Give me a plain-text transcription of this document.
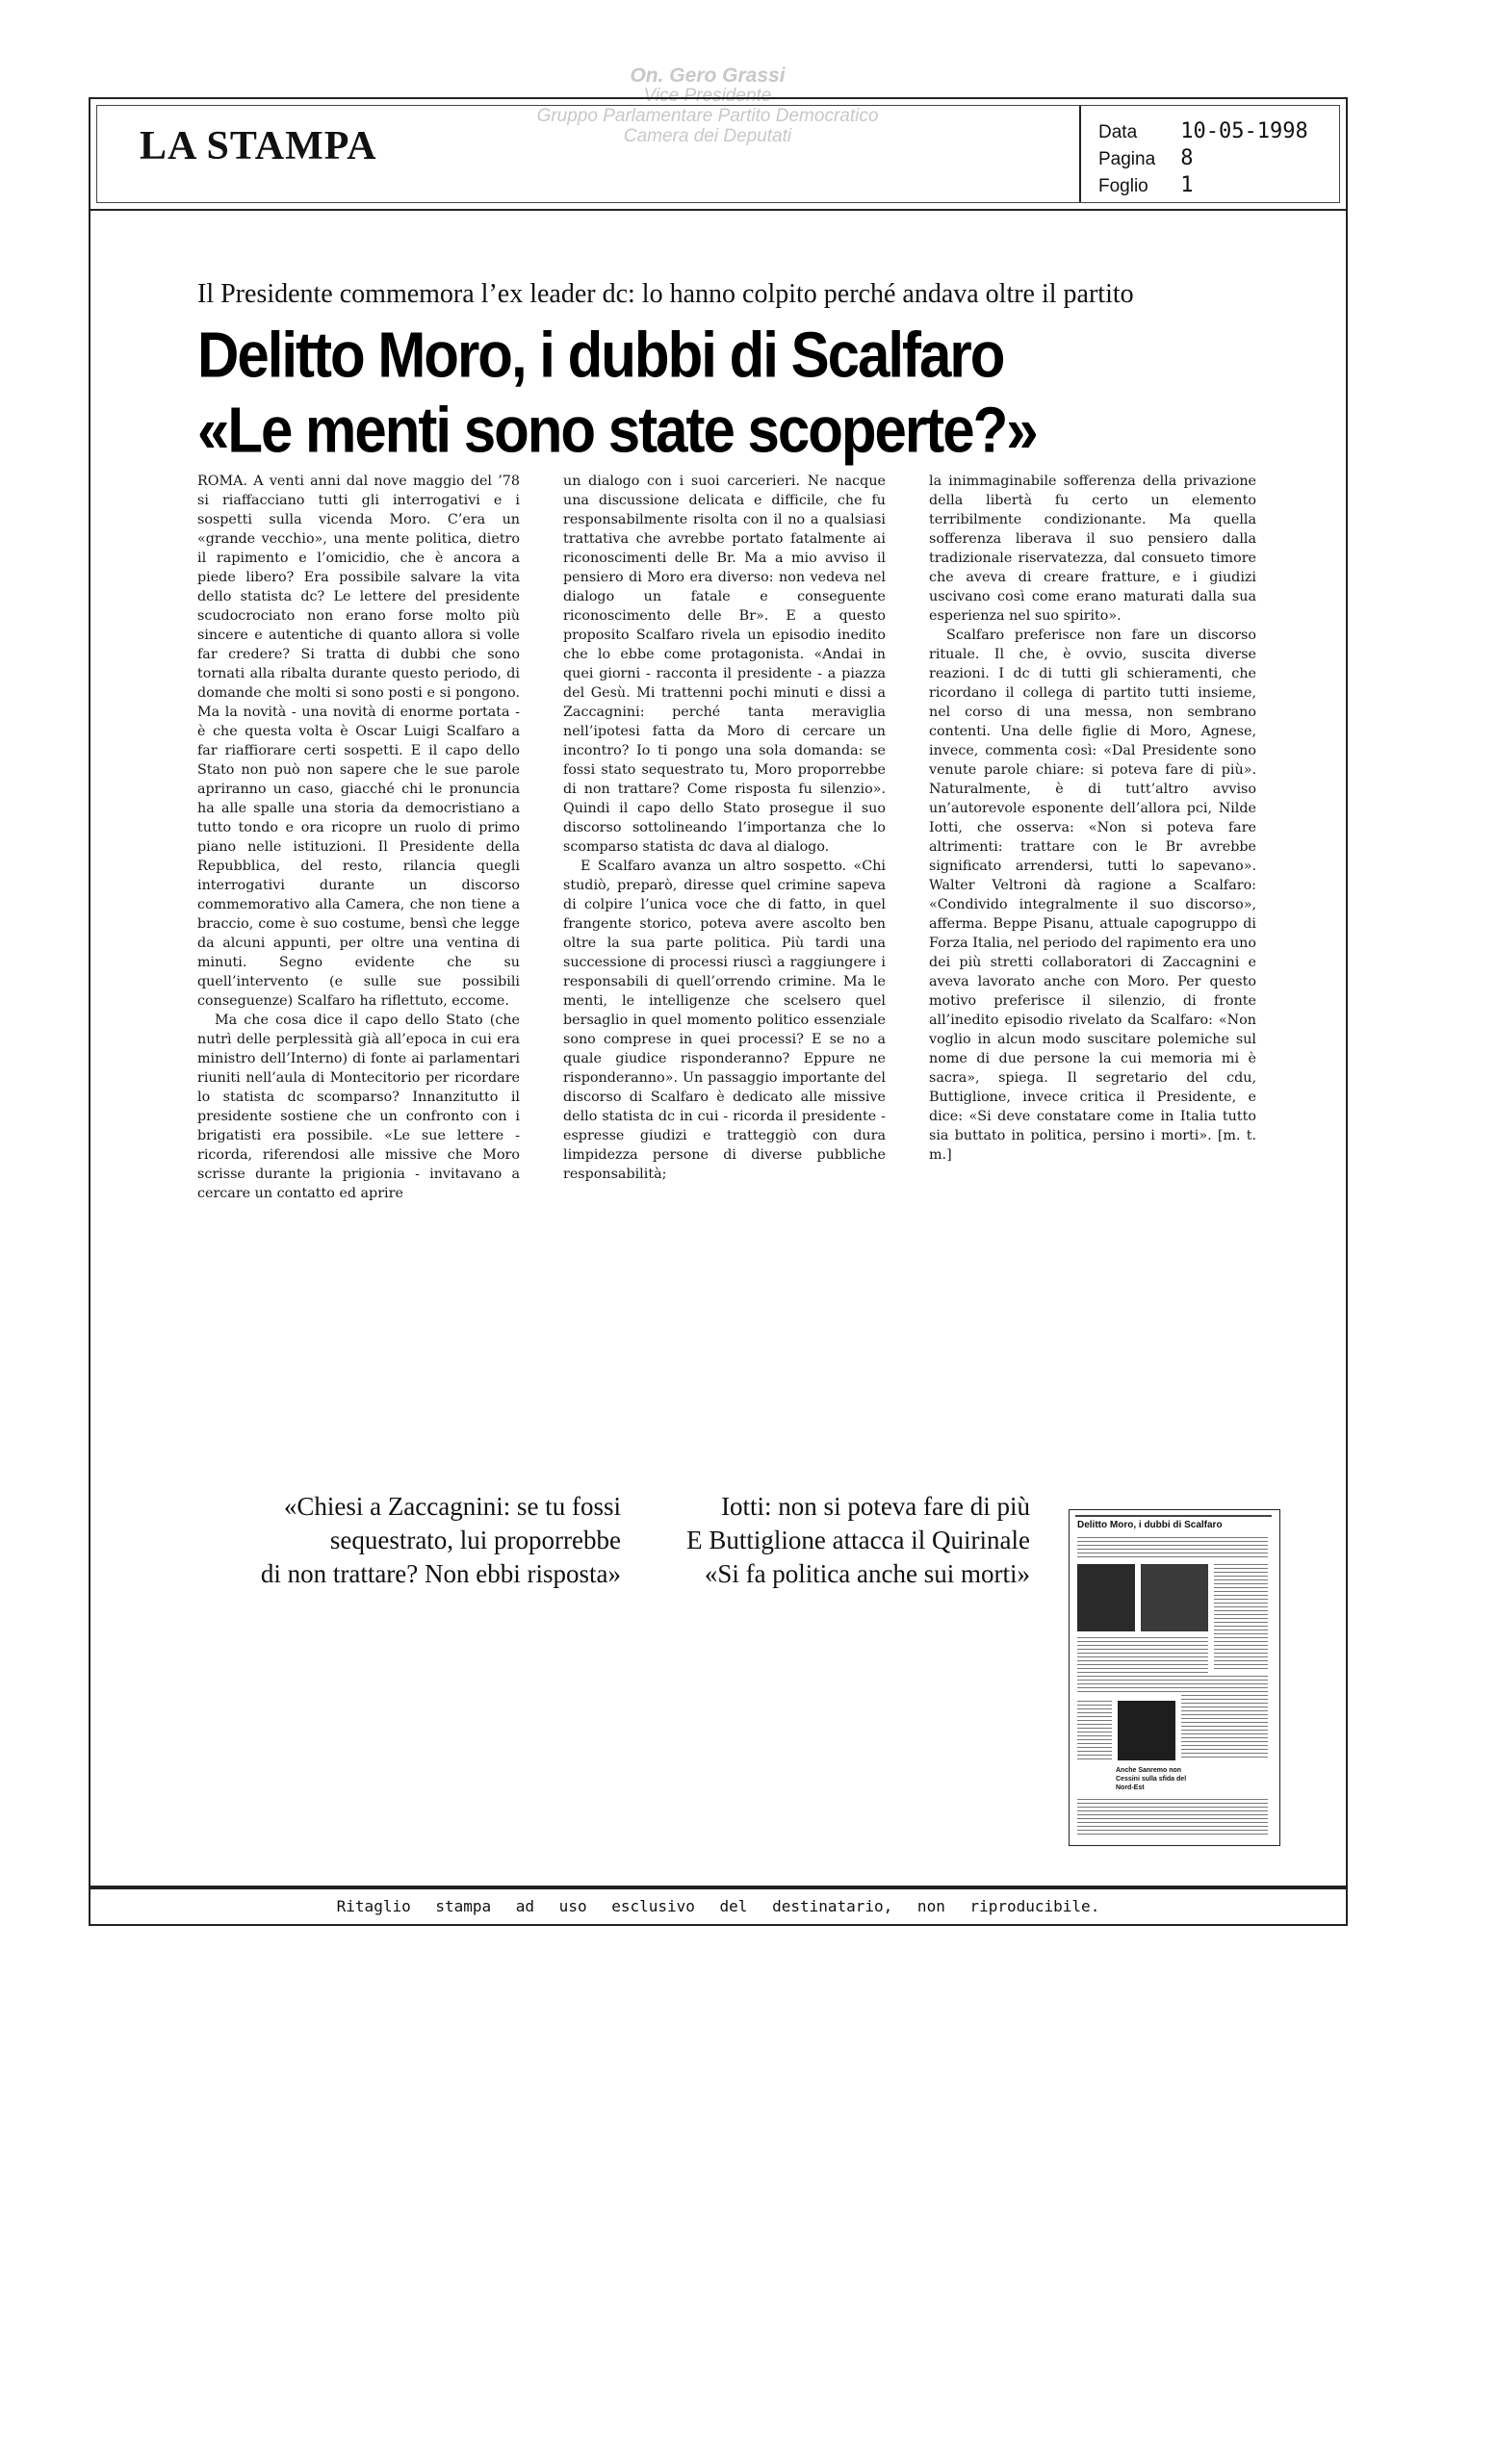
On. Gero Grassi
Vice Presidente
Gruppo Parlamentare Partito Democratico
Camera dei Deputati
LA STAMPA	Data 10-05-1998
Pagina 8
Foglio 1
Il Presidente commemora l’ex leader dc: lo hanno colpito perché andava oltre il partito
Delitto Moro, i dubbi di Scalfaro
«Le menti sono state scoperte?»

ROMA. A venti anni dal nove maggio del ’78 si riaffacciano tutti gli interrogativi e i sospetti sulla vicenda Moro. C’era un «grande vecchio», una mente politica, dietro il rapimento e l’omicidio, che è ancora a piede libero? Era possibile salvare la vita dello statista dc? Le lettere del presidente scudocrociato non erano forse molto più sincere e autentiche di quanto allora si volle far credere? Si tratta di dubbi che sono tornati alla ribalta durante questo periodo, di domande che molti si sono posti e si pongono. Ma la novità - una novità di enorme portata - è che questa volta è Oscar Luigi Scalfaro a far riaffiorare certi sospetti. E il capo dello Stato non può non sapere che le sue parole apriranno un caso, giacché chi le pronuncia ha alle spalle una storia da democristiano a tutto tondo e ora ricopre un ruolo di primo piano nelle istituzioni. Il Presidente della Repubblica, del resto, rilancia quegli interrogativi durante un discorso commemorativo alla Camera, che non tiene a braccio, come è suo costume, bensì che legge da alcuni appunti, per oltre una ventina di minuti. Segno evidente che su quell’intervento (e sulle sue possibili conseguenze) Scalfaro ha riflettuto, eccome.

Ma che cosa dice il capo dello Stato (che nutrì delle perplessità già all’epoca in cui era ministro dell’Interno) di fonte ai parlamentari riuniti nell’aula di Montecitorio per ricordare lo statista dc scomparso? Innanzitutto il presidente sostiene che un confronto con i brigatisti era possibile. «Le sue lettere - ricorda, riferendosi alle missive che Moro scrisse durante la prigionia - invitavano a cercare un contatto ed aprire

un dialogo con i suoi carcerieri. Ne nacque una discussione delicata e difficile, che fu responsabilmente risolta con il no a qualsiasi trattativa che avrebbe portato fatalmente ai riconoscimenti delle Br. Ma a mio avviso il pensiero di Moro era diverso: non vedeva nel dialogo un fatale e conseguente riconoscimento delle Br». E a questo proposito Scalfaro rivela un episodio inedito che lo ebbe come protagonista. «Andai in quei giorni - racconta il presidente - a piazza del Gesù. Mi trattenni pochi minuti e dissi a Zaccagnini: perché tanta meraviglia nell’ipotesi fatta da Moro di cercare un incontro? Io ti pongo una sola domanda: se fossi stato sequestrato tu, Moro proporrebbe di non trattare? Come risposta fu silenzio». Quindi il capo dello Stato prosegue il suo discorso sottolineando l’importanza che lo scomparso statista dc dava al dialogo.

E Scalfaro avanza un altro sospetto. «Chi studiò, preparò, diresse quel crimine sapeva di colpire l’unica voce che di fatto, in quel frangente storico, poteva avere ascolto ben oltre la sua parte politica. Più tardi una successione di processi riuscì a raggiungere i responsabili di quell’orrendo crimine. Ma le menti, le intelligenze che scelsero quel bersaglio in quel momento politico essenziale sono comprese in quei processi? E se no a quale giudice risponderanno? Eppure ne risponderanno». Un passaggio importante del discorso di Scalfaro è dedicato alle missive dello statista dc in cui - ricorda il presidente - espresse giudizi e tratteggiò con dura limpidezza persone di diverse pubbliche responsabilità;

la inimmaginabile sofferenza della privazione della libertà fu certo un elemento terribilmente condizionante. Ma quella sofferenza liberava il suo pensiero dalla tradizionale riservatezza, dal consueto timore che aveva di creare fratture, e i giudizi uscivano così come erano maturati dalla sua esperienza nel suo spirito».

Scalfaro preferisce non fare un discorso rituale. Il che, è ovvio, suscita diverse reazioni. I dc di tutti gli schieramenti, che ricordano il collega di partito tutti insieme, nel corso di una messa, non sembrano contenti. Una delle figlie di Moro, Agnese, invece, commenta così: «Dal Presidente sono venute parole chiare: si poteva fare di più». Naturalmente, è di tutt’altro avviso un’autorevole esponente dell’allora pci, Nilde Iotti, che osserva: «Non si poteva fare altrimenti: trattare con le Br avrebbe significato arrendersi, tutti lo sapevano». Walter Veltroni dà ragione a Scalfaro: «Condivido integralmente il suo discorso», afferma. Beppe Pisanu, attuale capogruppo di Forza Italia, nel periodo del rapimento era uno dei più stretti collaboratori di Zaccagnini e aveva lavorato anche con Moro. Per questo motivo preferisce il silenzio, di fronte all’inedito episodio rivelato da Scalfaro: «Non voglio in alcun modo suscitare polemiche sul nome di due persone la cui memoria mi è sacra», spiega. Il segretario del cdu, Buttiglione, invece critica il Presidente, e dice: «Si deve constatare come in Italia tutto sia buttato in politica, persino i morti». [m. t. m.]

«Chiesi a Zaccagnini: se tu fossi
sequestrato, lui proporrebbe
di non trattare? Non ebbi risposta»
Iotti: non si poteva fare di più
E Buttiglione attacca il Quirinale
«Si fa politica anche sui morti»
Delitto Moro, i dubbi di Scalfaro
Anche Sanremo non Cessini sulla sfida del Nord-Est
Ritaglio stampa ad uso esclusivo del destinatario, non riproducibile.
